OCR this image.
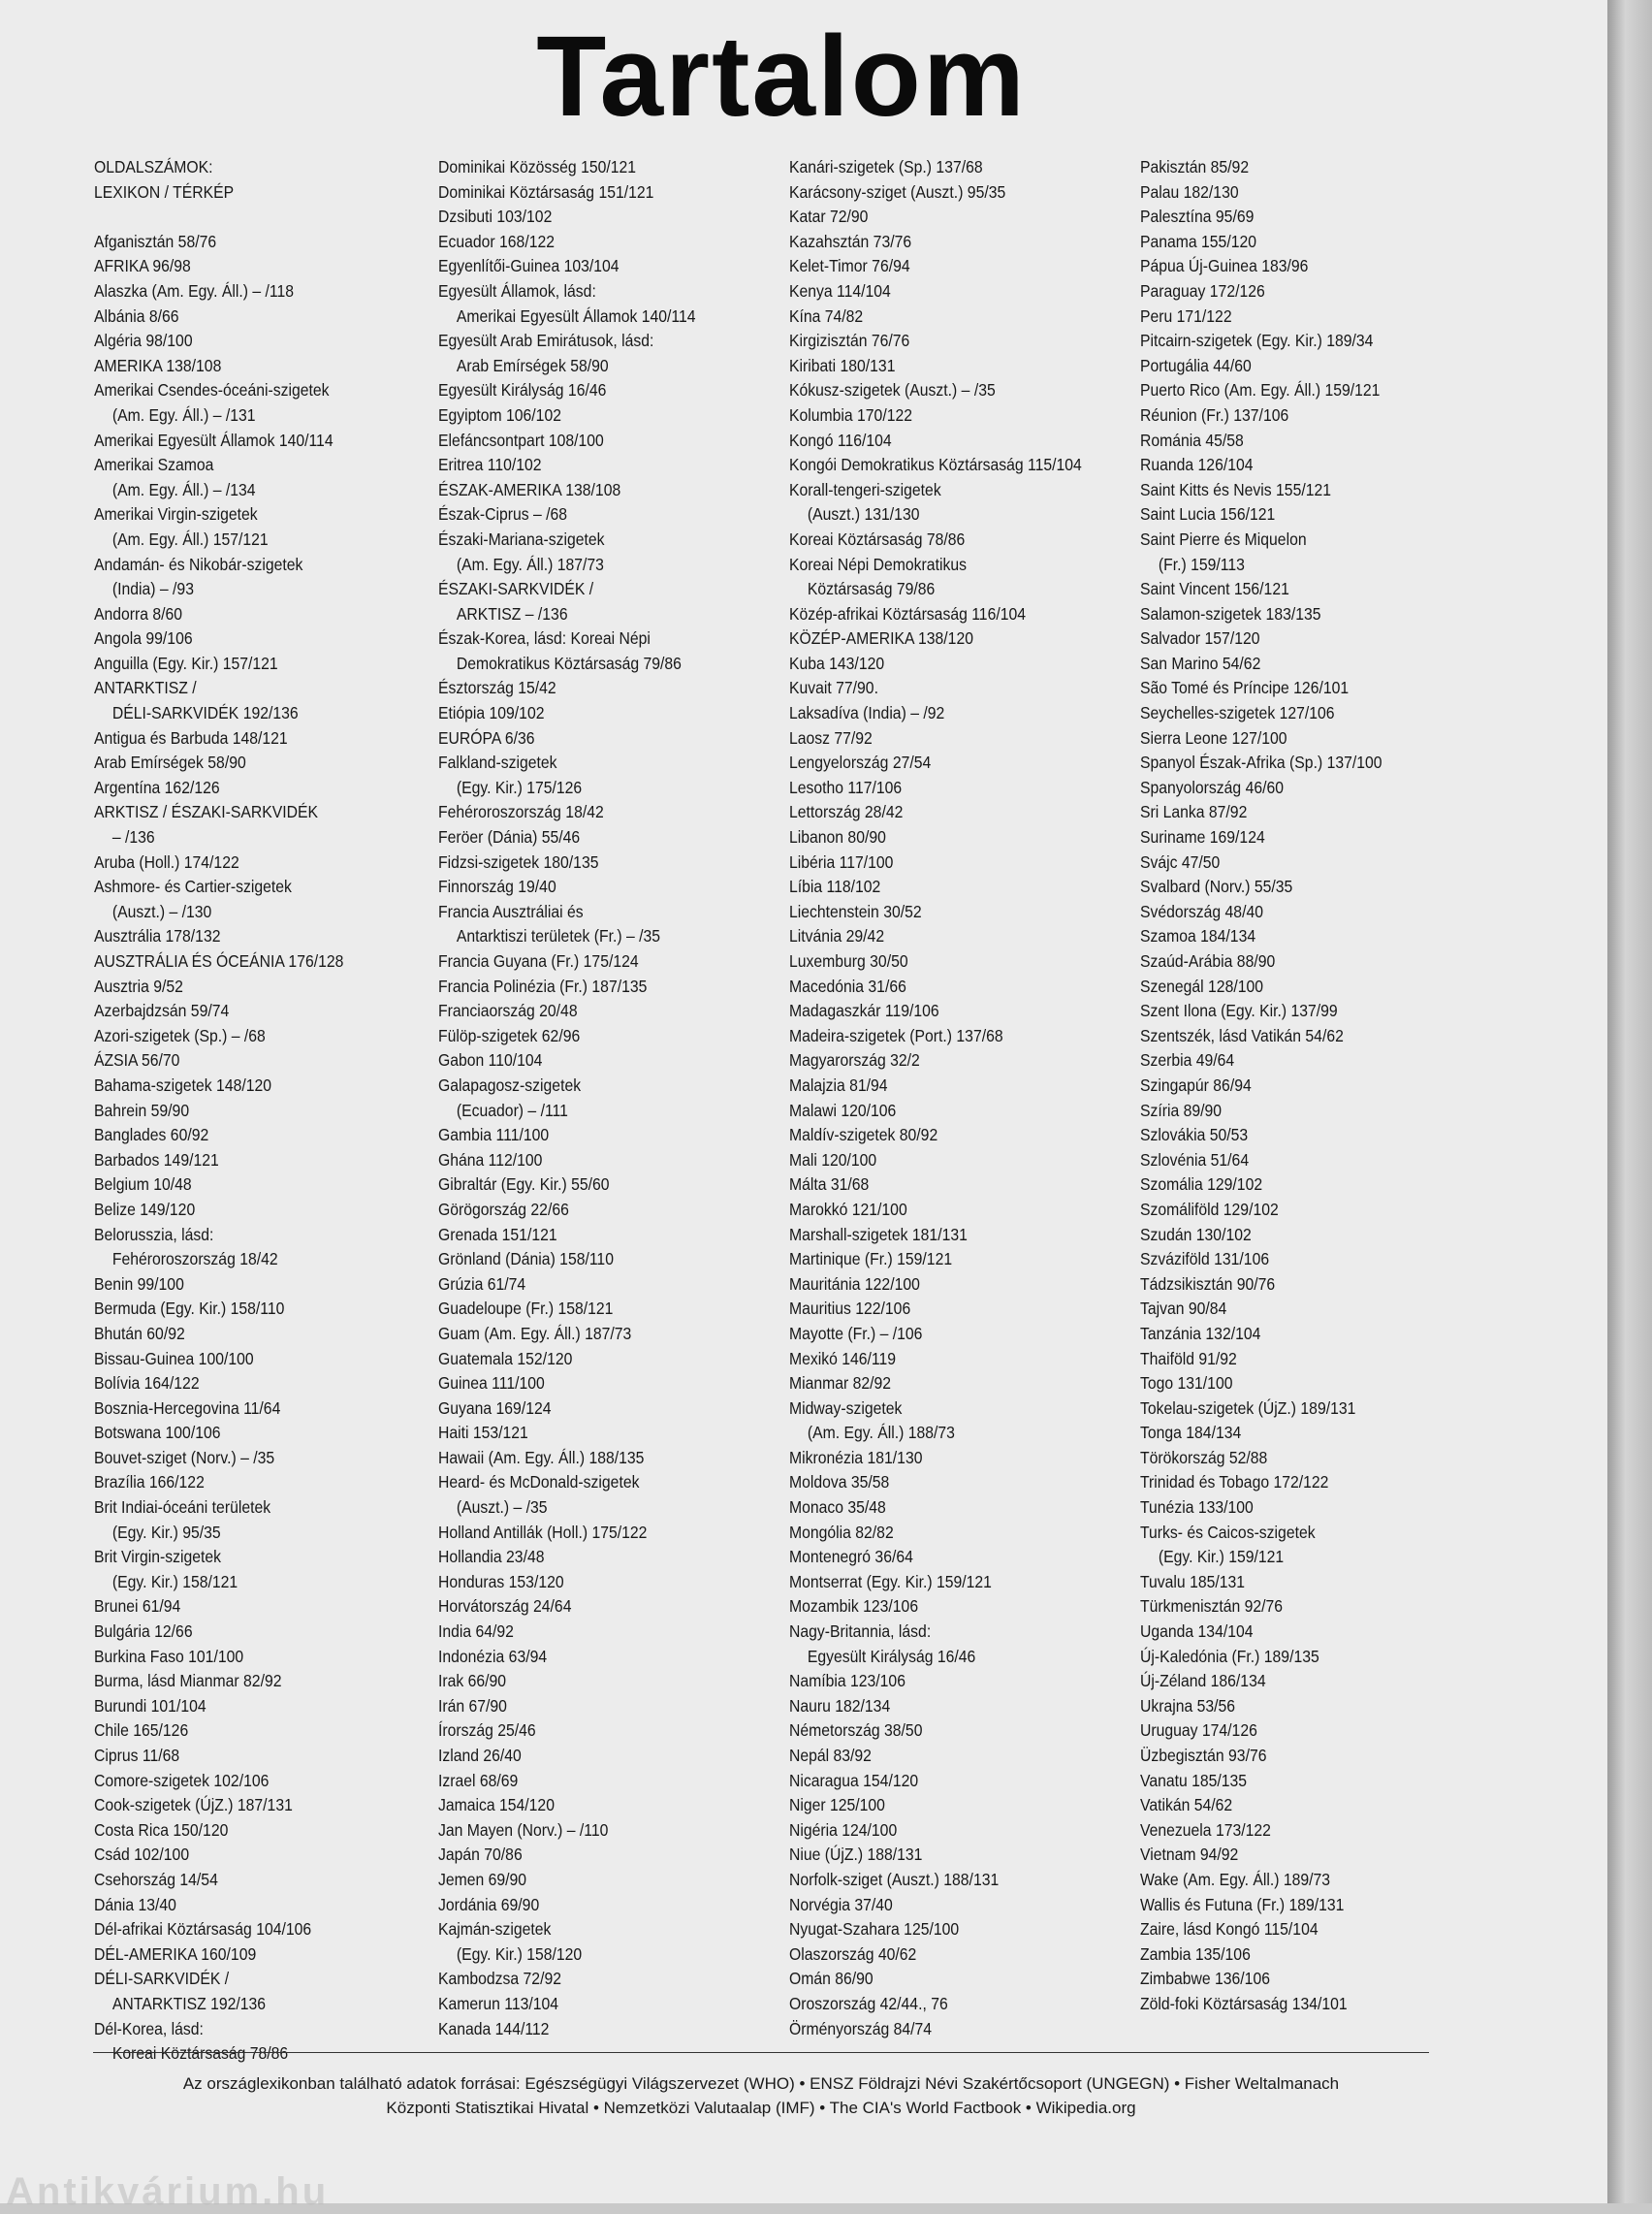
Tartalom
OLDALSZÁMOK:
LEXIKON / TÉRKÉP
Afganisztán 58/76
AFRIKA 96/98
Alaszka (Am. Egy. Áll.) – /118
Albánia 8/66
Algéria 98/100
AMERIKA 138/108
Amerikai Csendes-óceáni-szigetek
(Am. Egy. Áll.) – /131
Amerikai Egyesült Államok 140/114
Amerikai Szamoa
(Am. Egy. Áll.) – /134
Amerikai Virgin-szigetek
(Am. Egy. Áll.) 157/121
Andamán- és Nikobár-szigetek
(India) – /93
Andorra 8/60
Angola 99/106
Anguilla (Egy. Kir.) 157/121
ANTARKTISZ /
DÉLI-SARKVIDÉK 192/136
Antigua és Barbuda 148/121
Arab Emírségek 58/90
Argentína 162/126
ARKTISZ / ÉSZAKI-SARKVIDÉK
– /136
Aruba (Holl.) 174/122
Ashmore- és Cartier-szigetek
(Auszt.) – /130
Ausztrália 178/132
AUSZTRÁLIA ÉS ÓCEÁNIA 176/128
Ausztria 9/52
Azerbajdzsán 59/74
Azori-szigetek (Sp.) – /68
ÁZSIA 56/70
Bahama-szigetek 148/120
Bahrein 59/90
Banglades 60/92
Barbados 149/121
Belgium 10/48
Belize 149/120
Belorusszia, lásd:
Fehéroroszország 18/42
Benin 99/100
Bermuda (Egy. Kir.) 158/110
Bhután 60/92
Bissau-Guinea 100/100
Bolívia 164/122
Bosznia-Hercegovina 11/64
Botswana 100/106
Bouvet-sziget (Norv.) – /35
Brazília 166/122
Brit Indiai-óceáni területek
(Egy. Kir.) 95/35
Brit Virgin-szigetek
(Egy. Kir.) 158/121
Brunei 61/94
Bulgária 12/66
Burkina Faso 101/100
Burma, lásd Mianmar 82/92
Burundi 101/104
Chile 165/126
Ciprus 11/68
Comore-szigetek 102/106
Cook-szigetek (ÚjZ.) 187/131
Costa Rica 150/120
Csád 102/100
Csehország 14/54
Dánia 13/40
Dél-afrikai Köztársaság 104/106
DÉL-AMERIKA 160/109
DÉLI-SARKVIDÉK /
ANTARKTISZ 192/136
Dél-Korea, lásd:
Koreai Köztársaság 78/86
Dominikai Közösség 150/121
Dominikai Köztársaság 151/121
Dzsibuti 103/102
Ecuador 168/122
Egyenlítői-Guinea 103/104
Egyesült Államok, lásd:
Amerikai Egyesült Államok 140/114
Egyesült Arab Emirátusok, lásd:
Arab Emírségek 58/90
Egyesült Királyság 16/46
Egyiptom 106/102
Elefáncsontpart 108/100
Eritrea 110/102
ÉSZAK-AMERIKA 138/108
Észak-Ciprus – /68
Északi-Mariana-szigetek
(Am. Egy. Áll.) 187/73
ÉSZAKI-SARKVIDÉK /
ARKTISZ – /136
Észak-Korea, lásd: Koreai Népi
Demokratikus Köztársaság 79/86
Észtország 15/42
Etiópia 109/102
EURÓPA 6/36
Falkland-szigetek
(Egy. Kir.) 175/126
Fehéroroszország 18/42
Feröer (Dánia) 55/46
Fidzsi-szigetek 180/135
Finnország 19/40
Francia Ausztráliai és
Antarktiszi területek (Fr.) – /35
Francia Guyana (Fr.) 175/124
Francia Polinézia (Fr.) 187/135
Franciaország 20/48
Fülöp-szigetek 62/96
Gabon 110/104
Galapagosz-szigetek
(Ecuador) – /111
Gambia 111/100
Ghána 112/100
Gibraltár (Egy. Kir.) 55/60
Görögország 22/66
Grenada 151/121
Grönland (Dánia) 158/110
Grúzia 61/74
Guadeloupe (Fr.) 158/121
Guam (Am. Egy. Áll.) 187/73
Guatemala 152/120
Guinea 111/100
Guyana 169/124
Haiti 153/121
Hawaii (Am. Egy. Áll.) 188/135
Heard- és McDonald-szigetek
(Auszt.) – /35
Holland Antillák (Holl.) 175/122
Hollandia 23/48
Honduras 153/120
Horvátország 24/64
India 64/92
Indonézia 63/94
Irak 66/90
Irán 67/90
Írország 25/46
Izland 26/40
Izrael 68/69
Jamaica 154/120
Jan Mayen (Norv.) – /110
Japán 70/86
Jemen 69/90
Jordánia 69/90
Kajmán-szigetek
(Egy. Kir.) 158/120
Kambodzsa 72/92
Kamerun 113/104
Kanada 144/112
Kanári-szigetek (Sp.) 137/68
Karácsony-sziget (Auszt.) 95/35
Katar 72/90
Kazahsztán 73/76
Kelet-Timor 76/94
Kenya 114/104
Kína 74/82
Kirgizisztán 76/76
Kiribati 180/131
Kókusz-szigetek (Auszt.) – /35
Kolumbia 170/122
Kongó 116/104
Kongói Demokratikus Köztársaság 115/104
Korall-tengeri-szigetek
(Auszt.) 131/130
Koreai Köztársaság 78/86
Koreai Népi Demokratikus
Köztársaság 79/86
Közép-afrikai Köztársaság 116/104
KÖZÉP-AMERIKA 138/120
Kuba 143/120
Kuvait 77/90.
Laksadíva (India) – /92
Laosz 77/92
Lengyelország 27/54
Lesotho 117/106
Lettország 28/42
Libanon 80/90
Libéria 117/100
Líbia 118/102
Liechtenstein 30/52
Litvánia 29/42
Luxemburg 30/50
Macedónia 31/66
Madagaszkár 119/106
Madeira-szigetek (Port.) 137/68
Magyarország 32/2
Malajzia 81/94
Malawi 120/106
Maldív-szigetek 80/92
Mali 120/100
Málta 31/68
Marokkó 121/100
Marshall-szigetek 181/131
Martinique (Fr.) 159/121
Mauritánia 122/100
Mauritius 122/106
Mayotte (Fr.) – /106
Mexikó 146/119
Mianmar 82/92
Midway-szigetek
(Am. Egy. Áll.) 188/73
Mikronézia 181/130
Moldova 35/58
Monaco 35/48
Mongólia 82/82
Montenegró 36/64
Montserrat (Egy. Kir.) 159/121
Mozambik 123/106
Nagy-Britannia, lásd:
Egyesült Királyság 16/46
Namíbia 123/106
Nauru 182/134
Németország 38/50
Nepál 83/92
Nicaragua 154/120
Niger 125/100
Nigéria 124/100
Niue (ÚjZ.) 188/131
Norfolk-sziget (Auszt.) 188/131
Norvégia 37/40
Nyugat-Szahara 125/100
Olaszország 40/62
Omán 86/90
Oroszország 42/44., 76
Örményország 84/74
Pakisztán 85/92
Palau 182/130
Palesztína 95/69
Panama 155/120
Pápua Új-Guinea 183/96
Paraguay 172/126
Peru 171/122
Pitcairn-szigetek (Egy. Kir.) 189/34
Portugália 44/60
Puerto Rico (Am. Egy. Áll.) 159/121
Réunion (Fr.) 137/106
Románia 45/58
Ruanda 126/104
Saint Kitts és Nevis 155/121
Saint Lucia 156/121
Saint Pierre és Miquelon
(Fr.) 159/113
Saint Vincent 156/121
Salamon-szigetek 183/135
Salvador 157/120
San Marino 54/62
São Tomé és Príncipe 126/101
Seychelles-szigetek 127/106
Sierra Leone 127/100
Spanyol Észak-Afrika (Sp.) 137/100
Spanyolország 46/60
Sri Lanka 87/92
Suriname 169/124
Svájc 47/50
Svalbard (Norv.) 55/35
Svédország 48/40
Szamoa 184/134
Szaúd-Arábia 88/90
Szenegál 128/100
Szent Ilona (Egy. Kir.) 137/99
Szentszék, lásd Vatikán 54/62
Szerbia 49/64
Szingapúr 86/94
Szíria 89/90
Szlovákia 50/53
Szlovénia 51/64
Szomália 129/102
Szomáliföld 129/102
Szudán 130/102
Szváziföld 131/106
Tádzsikisztán 90/76
Tajvan 90/84
Tanzánia 132/104
Thaiföld 91/92
Togo 131/100
Tokelau-szigetek (ÚjZ.) 189/131
Tonga 184/134
Törökország 52/88
Trinidad és Tobago 172/122
Tunézia 133/100
Turks- és Caicos-szigetek
(Egy. Kir.) 159/121
Tuvalu 185/131
Türkmenisztán 92/76
Uganda 134/104
Új-Kaledónia (Fr.) 189/135
Új-Zéland 186/134
Ukrajna 53/56
Uruguay 174/126
Üzbegisztán 93/76
Vanatu 185/135
Vatikán 54/62
Venezuela 173/122
Vietnam 94/92
Wake (Am. Egy. Áll.) 189/73
Wallis és Futuna (Fr.) 189/131
Zaire, lásd Kongó 115/104
Zambia 135/106
Zimbabwe 136/106
Zöld-foki Köztársaság 134/101
Az országlexikonban található adatok forrásai: Egészségügyi Világszervezet (WHO) • ENSZ Földrajzi Névi Szakértőcsoport (UNGEGN) • Fisher Weltalmanach
Központi Statisztikai Hivatal • Nemzetközi Valutaalap (IMF) • The CIA's World Factbook • Wikipedia.org
Antikvárium.hu
